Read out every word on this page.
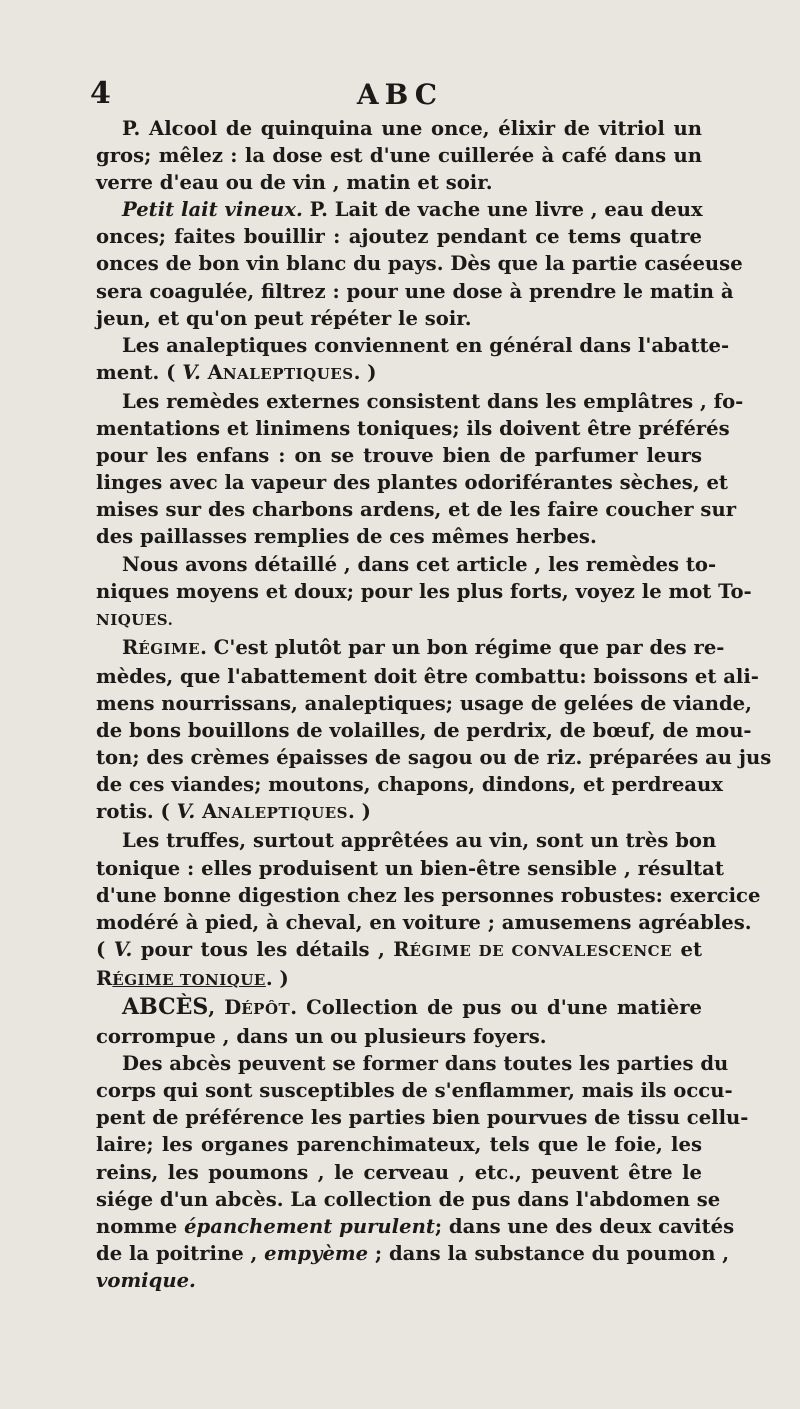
4	ABC
P. Alcool de quinquina une once, élixir de vitriol un
gros; mêlez : la dose est d'une cuillerée à café dans un
verre d'eau ou de vin , matin et soir.
Petit lait vineux. P. Lait de vache une livre , eau deux
onces; faites bouillir : ajoutez pendant ce tems quatre
onces de bon vin blanc du pays. Dès que la partie caséeuse
sera coagulée, filtrez : pour une dose à prendre le matin à
jeun, et qu'on peut répéter le soir.
Les analeptiques conviennent en général dans l'abatte-
ment. ( V. ANALEPTIQUES. )
Les remèdes externes consistent dans les emplâtres , fo-
mentations et linimens toniques; ils doivent être préférés
pour les enfans : on se trouve bien de parfumer leurs
linges avec la vapeur des plantes odoriférantes sèches, et
mises sur des charbons ardens, et de les faire coucher sur
des paillasses remplies de ces mêmes herbes.
Nous avons détaillé , dans cet article , les remèdes to-
niques moyens et doux; pour les plus forts, voyez le mot To-
NIQUES.
RÉGIME. C'est plutôt par un bon régime que par des re-
mèdes, que l'abattement doit être combattu: boissons et ali-
mens nourrissans, analeptiques; usage de gelées de viande,
de bons bouillons de volailles, de perdrix, de bœuf, de mou-
ton; des crèmes épaisses de sagou ou de riz. préparées au jus
de ces viandes; moutons, chapons, dindons, et perdreaux
rotis. ( V. ANALEPTIQUES. )
Les truffes, surtout apprêtées au vin, sont un très bon
tonique : elles produisent un bien-être sensible , résultat
d'une bonne digestion chez les personnes robustes: exercice
modéré à pied, à cheval, en voiture ; amusemens agréables.
( V. pour tous les détails , RÉGIME DE CONVALESCENCE et
RÉGIME TONIQUE. )
ABCÈS, DÉPÔT. Collection de pus ou d'une matière
corrompue , dans un ou plusieurs foyers.
Des abcès peuvent se former dans toutes les parties du
corps qui sont susceptibles de s'enflammer, mais ils occu-
pent de préférence les parties bien pourvues de tissu cellu-
laire; les organes parenchimateux, tels que le foie, les
reins, les poumons , le cerveau , etc., peuvent être le
siége d'un abcès. La collection de pus dans l'abdomen se
nomme épanchement purulent; dans une des deux cavités
de la poitrine , empyème ; dans la substance du poumon ,
vomique.
